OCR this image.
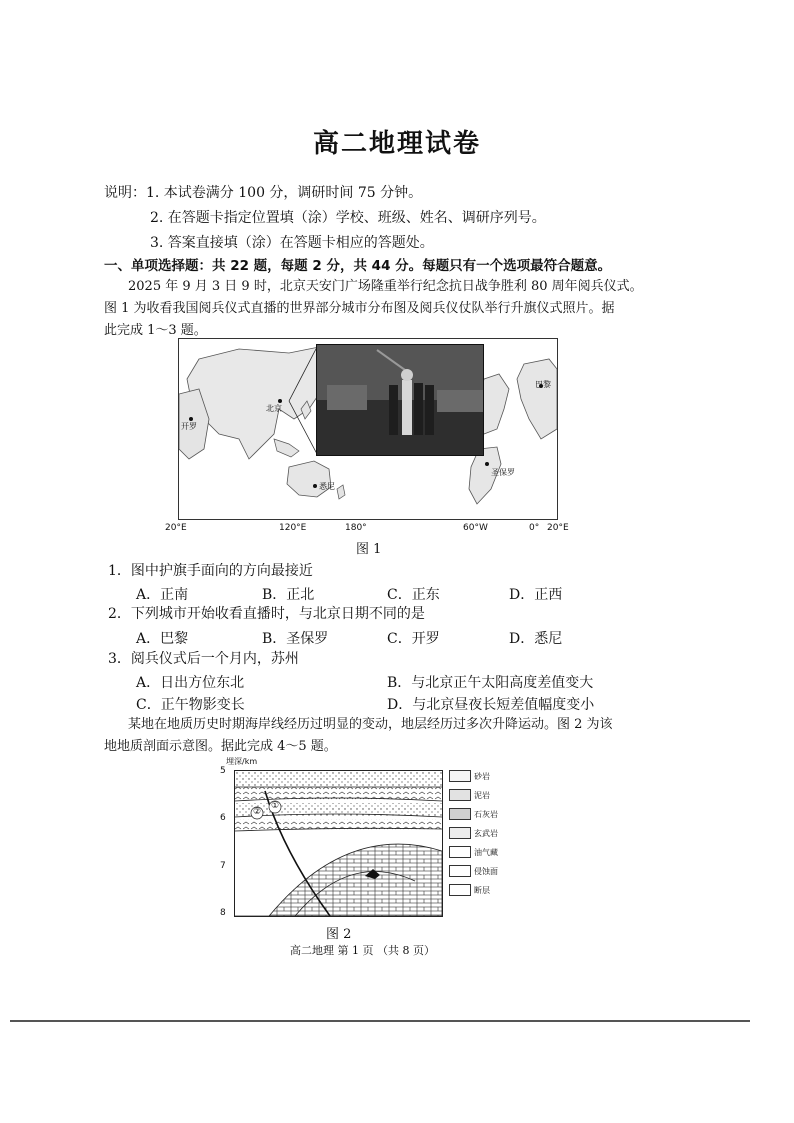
高二地理试卷
说明：1. 本试卷满分 100 分，调研时间 75 分钟。
2. 在答题卡指定位置填（涂）学校、班级、姓名、调研序列号。
3. 答案直接填（涂）在答题卡相应的答题处。
一、单项选择题：共 22 题，每题 2 分，共 44 分。每题只有一个选项最符合题意。
2025 年 9 月 3 日 9 时，北京天安门广场隆重举行纪念抗日战争胜利 80 周年阅兵仪式。
图 1 为收看我国阅兵仪式直播的世界部分城市分布图及阅兵仪仗队举行升旗仪式照片。据
此完成 1～3 题。
北京
开罗
悉尼
圣保罗
巴黎
20°E	120°E	180°	60°W	0° 20°E
图 1
1．图中护旗手面向的方向最接近
A．正南	B．正北	C．正东	D．正西
2．下列城市开始收看直播时，与北京日期不同的是
A．巴黎	B．圣保罗	C．开罗	D．悉尼
3．阅兵仪式后一个月内，苏州
A．日出方位东北	B．与北京正午太阳高度差值变大
C．正午物影变长	D．与北京昼夜长短差值幅度变小
某地在地质历史时期海岸线经历过明显的变动，地层经历过多次升降运动。图 2 为该
地地质剖面示意图。据此完成 4～5 题。
埋深/km
5
6
7
8
①
②
砂岩
泥岩
石灰岩
玄武岩
油气藏
侵蚀面
断层
图 2
高二地理 第 1 页 （共 8 页）
